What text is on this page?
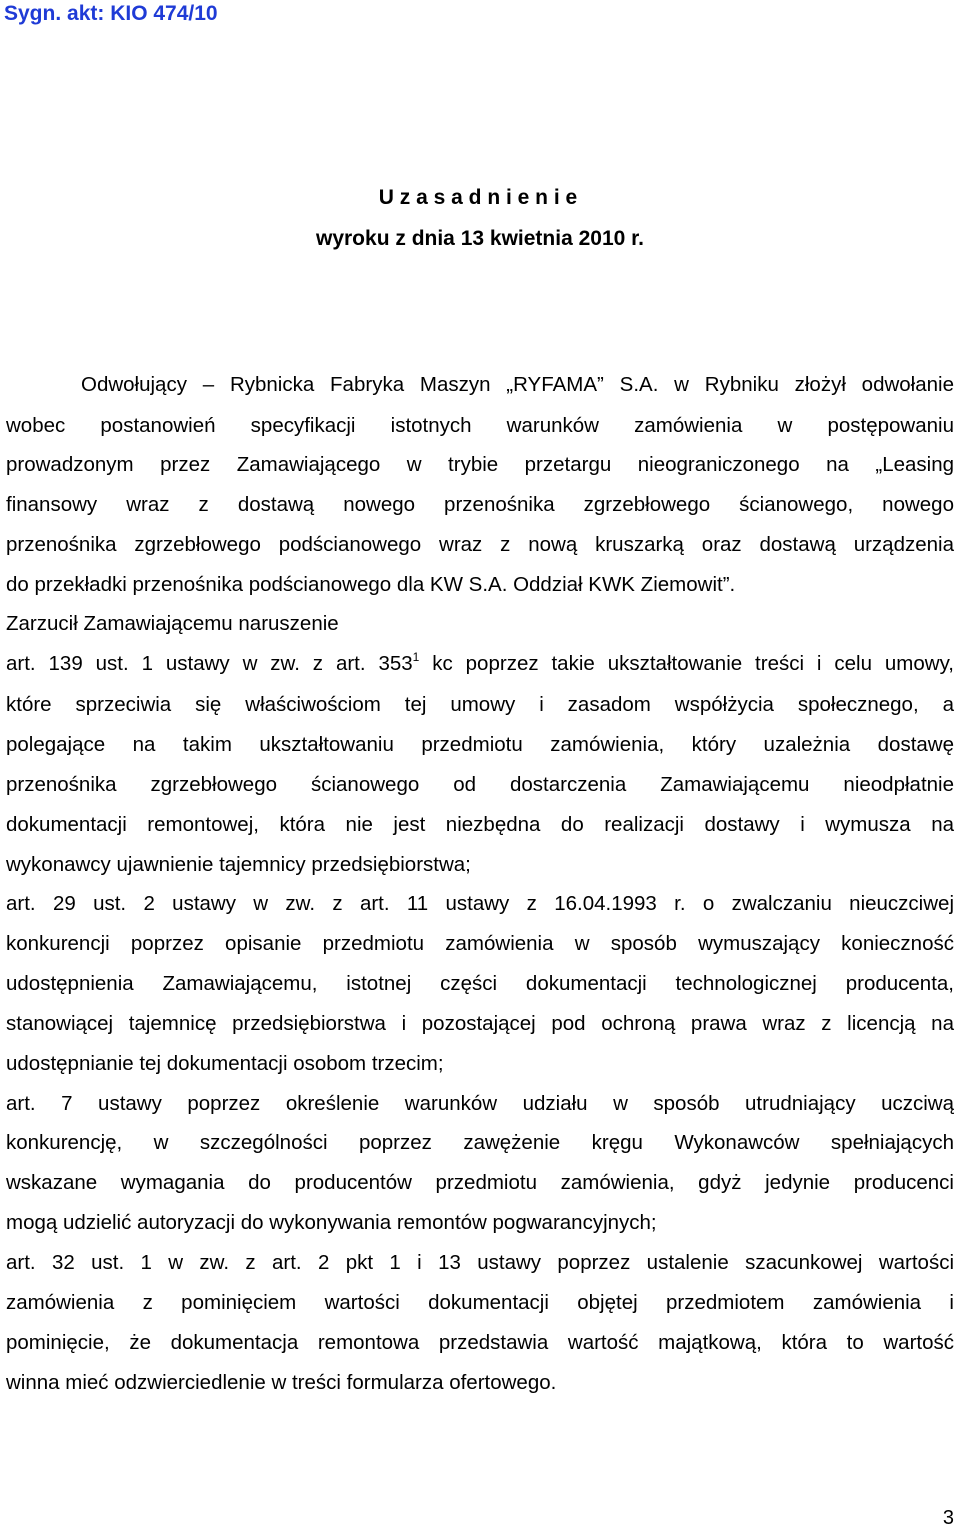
Sygn. akt: KIO 474/10
U z a s a d n i e n i e
wyroku z dnia 13 kwietnia 2010 r.
Odwołujący – Rybnicka Fabryka Maszyn „RYFAMA” S.A. w Rybniku złożył odwołanie
wobec postanowień specyfikacji istotnych warunków zamówienia w postępowaniu
prowadzonym przez Zamawiającego w trybie przetargu nieograniczonego na „Leasing
finansowy wraz z dostawą nowego przenośnika zgrzebłowego ścianowego, nowego
przenośnika zgrzebłowego podścianowego wraz z nową kruszarką oraz dostawą urządzenia
do przekładki przenośnika podścianowego dla KW S.A. Oddział KWK Ziemowit”.
Zarzucił Zamawiającemu naruszenie
art. 139 ust. 1 ustawy w zw. z art. $353^1$ kc poprzez takie ukształtowanie treści i celu umowy,
które sprzeciwia się właściwościom tej umowy i zasadom współżycia społecznego, a
polegające na takim ukształtowaniu przedmiotu zamówienia, który uzależnia dostawę
przenośnika zgrzebłowego ścianowego od dostarczenia Zamawiającemu nieodpłatnie
dokumentacji remontowej, która nie jest niezbędna do realizacji dostawy i wymusza na
wykonawcy ujawnienie tajemnicy przedsiębiorstwa;
art. 29 ust. 2 ustawy w zw. z art. 11 ustawy z 16.04.1993 r. o zwalczaniu nieuczciwej
konkurencji poprzez opisanie przedmiotu zamówienia w sposób wymuszający konieczność
udostępnienia Zamawiającemu, istotnej części dokumentacji technologicznej producenta,
stanowiącej tajemnicę przedsiębiorstwa i pozostającej pod ochroną prawa wraz z licencją na
udostępnianie tej dokumentacji osobom trzecim;
art. 7 ustawy poprzez określenie warunków udziału w sposób utrudniający uczciwą
konkurencję, w szczególności poprzez zawężenie kręgu Wykonawców spełniających
wskazane wymagania do producentów przedmiotu zamówienia, gdyż jedynie producenci
mogą udzielić autoryzacji do wykonywania remontów pogwarancyjnych;
art. 32 ust. 1 w zw. z art. 2 pkt 1 i 13 ustawy poprzez ustalenie szacunkowej wartości
zamówienia z pominięciem wartości dokumentacji objętej przedmiotem zamówienia i
pominięcie, że dokumentacja remontowa przedstawia wartość majątkową, która to wartość
winna mieć odzwierciedlenie w treści formularza ofertowego.
3
